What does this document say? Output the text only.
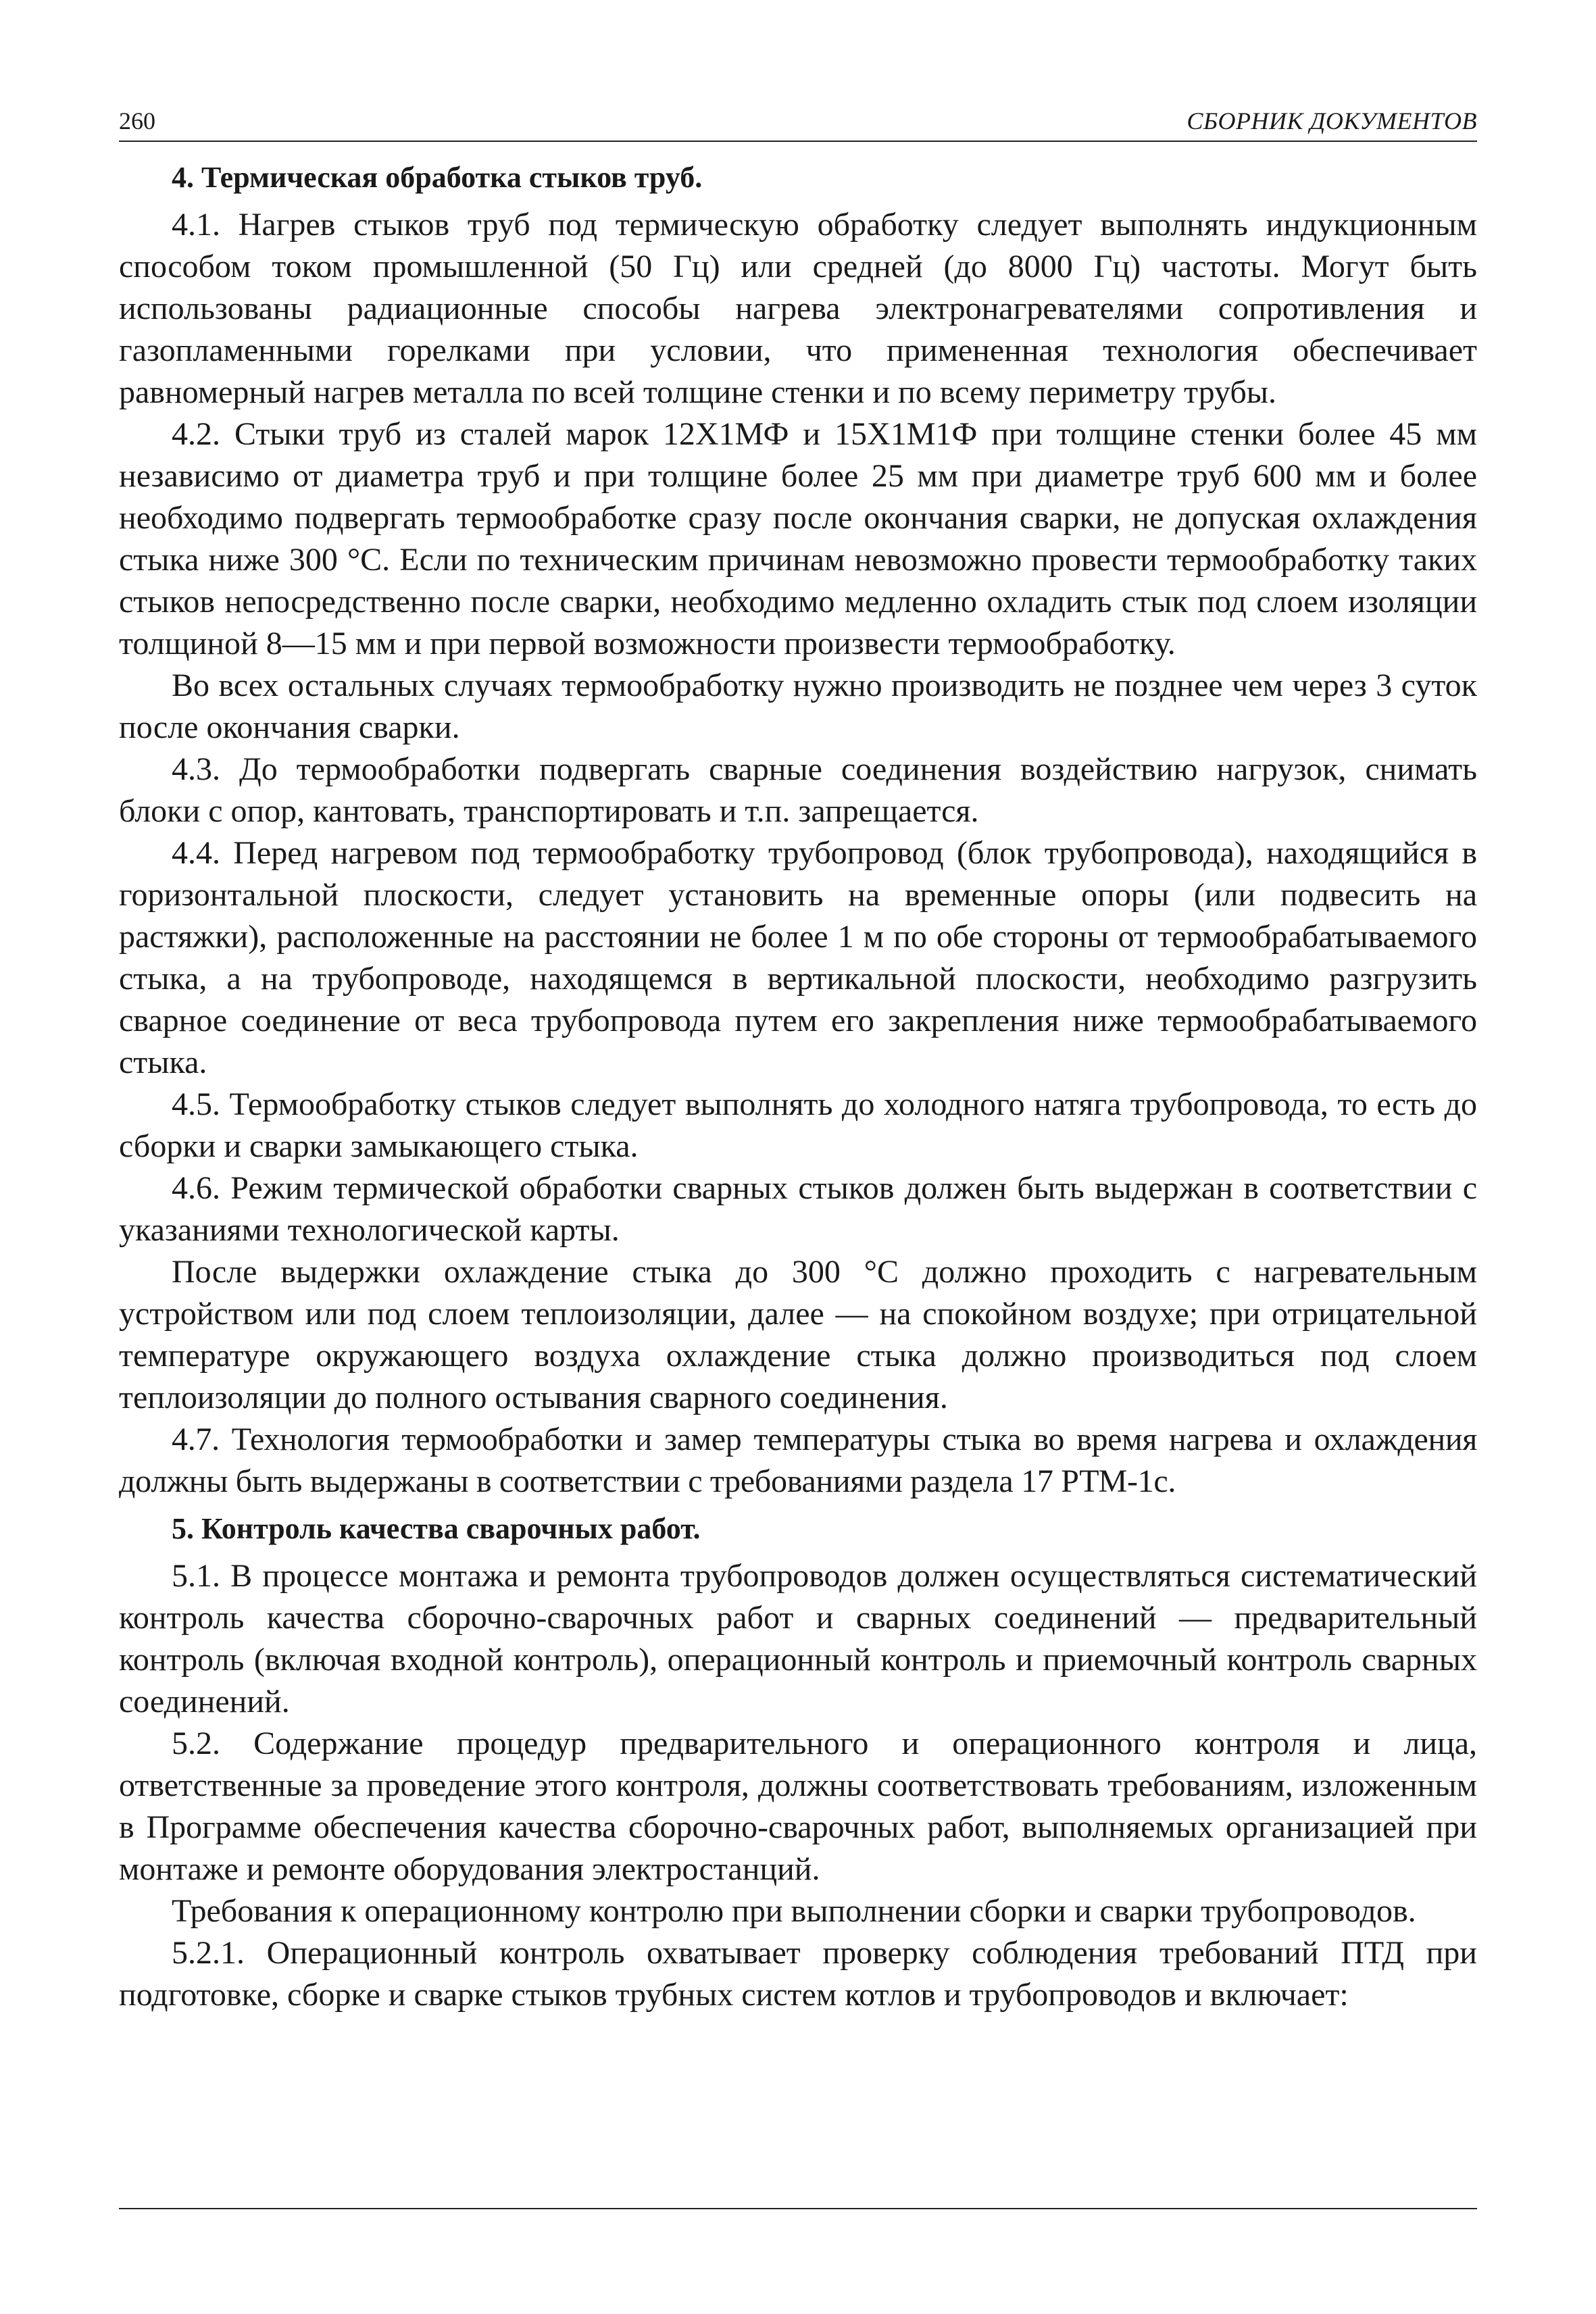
260	СБОРНИК ДОКУМЕНТОВ
4. Термическая обработка стыков труб.

4.1. Нагрев стыков труб под термическую обработку следует выполнять индукционным способом током промышленной (50 Гц) или средней (до 8000 Гц) частоты. Могут быть использованы радиационные способы нагрева электронагревателями сопротивления и газопламенными горелками при условии, что примененная технология обеспечивает равномерный нагрев металла по всей толщине стенки и по всему периметру трубы.

4.2. Стыки труб из сталей марок 12Х1МФ и 15Х1М1Ф при толщине стенки более 45 мм независимо от диаметра труб и при толщине более 25 мм при диаметре труб 600 мм и более необходимо подвергать термообработке сразу после окончания сварки, не допуская охлаждения стыка ниже 300 °С. Если по техническим причинам невозможно провести термообработку таких стыков непосредственно после сварки, необходимо медленно охладить стык под слоем изоляции толщиной 8—15 мм и при первой возможности произвести термообработку.

Во всех остальных случаях термообработку нужно производить не позднее чем через 3 суток после окончания сварки.

4.3. До термообработки подвергать сварные соединения воздействию нагрузок, снимать блоки с опор, кантовать, транспортировать и т.п. запрещается.

4.4. Перед нагревом под термообработку трубопровод (блок трубопровода), находящийся в горизонтальной плоскости, следует установить на временные опоры (или подвесить на растяжки), расположенные на расстоянии не более 1 м по обе стороны от термообрабатываемого стыка, а на трубопроводе, находящемся в вертикальной плоскости, необходимо разгрузить сварное соединение от веса трубопровода путем его закрепления ниже термообрабатываемого стыка.

4.5. Термообработку стыков следует выполнять до холодного натяга трубопровода, то есть до сборки и сварки замыкающего стыка.

4.6. Режим термической обработки сварных стыков должен быть выдержан в соответствии с указаниями технологической карты.

После выдержки охлаждение стыка до 300 °С должно проходить с нагревательным устройством или под слоем теплоизоляции, далее — на спокойном воздухе; при отрицательной температуре окружающего воздуха охлаждение стыка должно производиться под слоем теплоизоляции до полного остывания сварного соединения.

4.7. Технология термообработки и замер температуры стыка во время нагрева и охлаждения должны быть выдержаны в соответствии с требованиями раздела 17 РТМ-1с.

5. Контроль качества сварочных работ.

5.1. В процессе монтажа и ремонта трубопроводов должен осуществляться систематический контроль качества сборочно-сварочных работ и сварных соединений — предварительный контроль (включая входной контроль), операционный контроль и приемочный контроль сварных соединений.

5.2. Содержание процедур предварительного и операционного контроля и лица, ответственные за проведение этого контроля, должны соответствовать требованиям, изложенным в Программе обеспечения качества сборочно-сварочных работ, выполняемых организацией при монтаже и ремонте оборудования электростанций.

Требования к операционному контролю при выполнении сборки и сварки трубопроводов.

5.2.1. Операционный контроль охватывает проверку соблюдения требований ПТД при подготовке, сборке и сварке стыков трубных систем котлов и трубопроводов и включает:
